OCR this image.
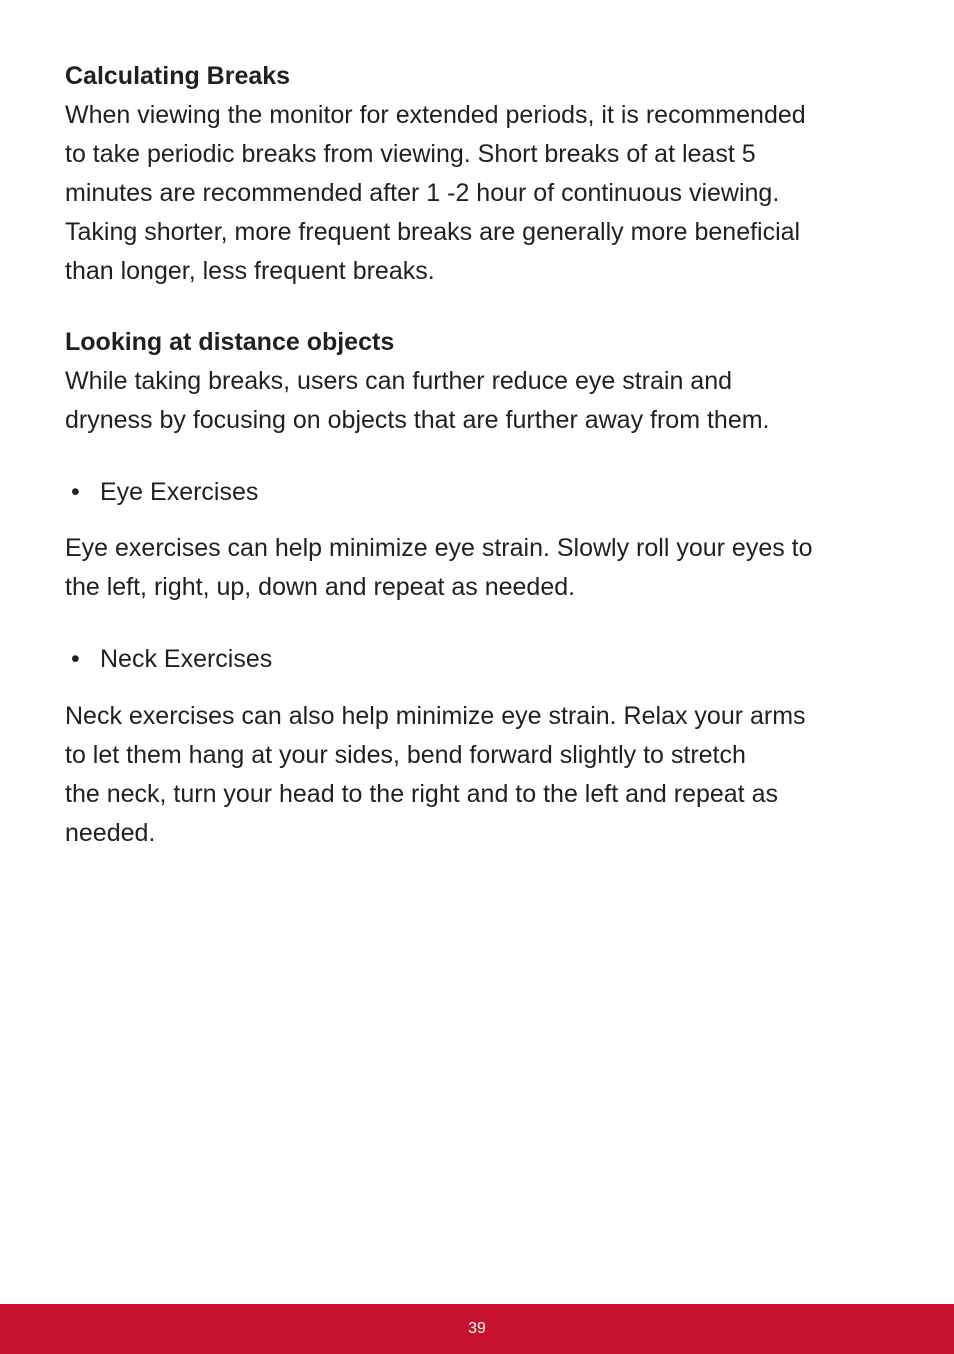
Calculating Breaks
When viewing the monitor for extended periods, it is recommended
to take periodic breaks from viewing. Short breaks of at least 5
minutes are recommended after 1 -2 hour of continuous viewing.
Taking shorter, more frequent breaks are generally more beneficial
than longer, less frequent breaks.
Looking at distance objects
While taking breaks, users can further reduce eye strain and
dryness by focusing on objects that are further away from them.
• Eye Exercises
Eye exercises can help minimize eye strain. Slowly roll your eyes to
the left, right, up, down and repeat as needed.
• Neck Exercises
Neck exercises can also help minimize eye strain. Relax your arms
to let them hang at your sides, bend forward slightly to stretch
the neck, turn your head to the right and to the left and repeat as
needed.
39
